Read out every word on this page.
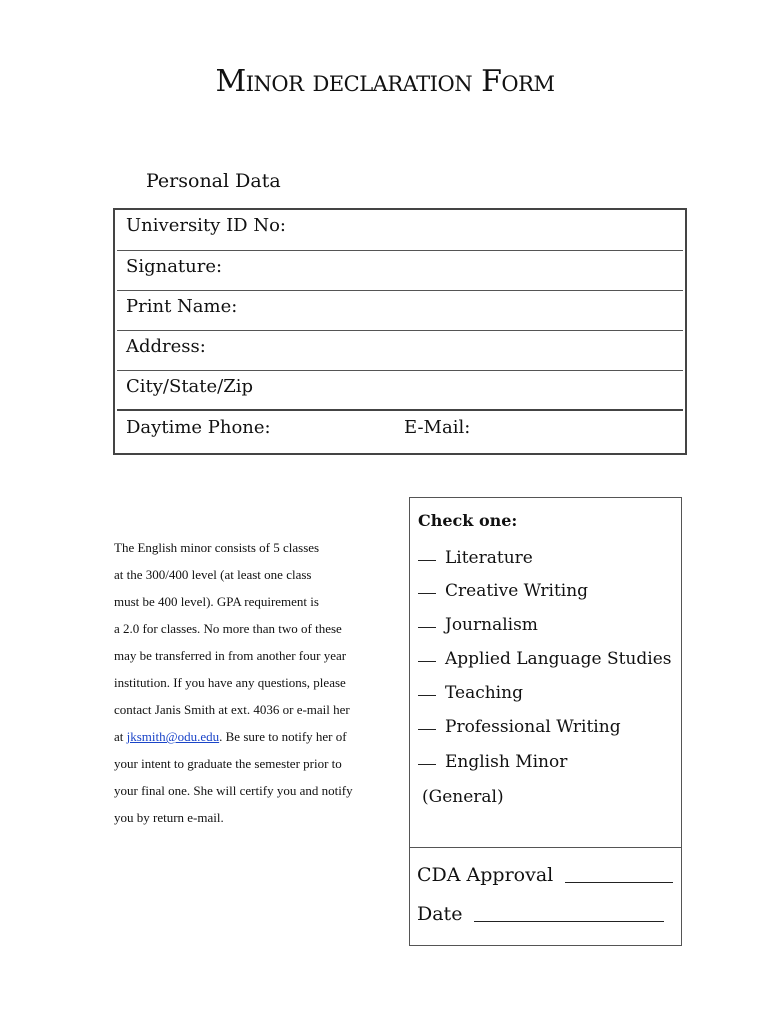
Minor declaration Form
Personal Data
University ID No:
Signature:
Print Name:
Address:
City/State/Zip
Daytime Phone:	E-Mail:

The English minor consists of 5 classes

at the 300/400 level (at least one class

must be 400 level). GPA requirement is

a 2.0 for classes. No more than two of these

may be transferred in from another four year

institution. If you have any questions, please

contact Janis Smith at ext. 4036 or e-mail her

at jksmith@odu.edu. Be sure to notify her of

your intent to graduate the semester prior to

your final one. She will certify you and notify

you by return e-mail.

Check one:
Literature
Creative Writing
Journalism
Applied Language Studies
Teaching
Professional Writing
English Minor
(General)
CDA Approval
Date
